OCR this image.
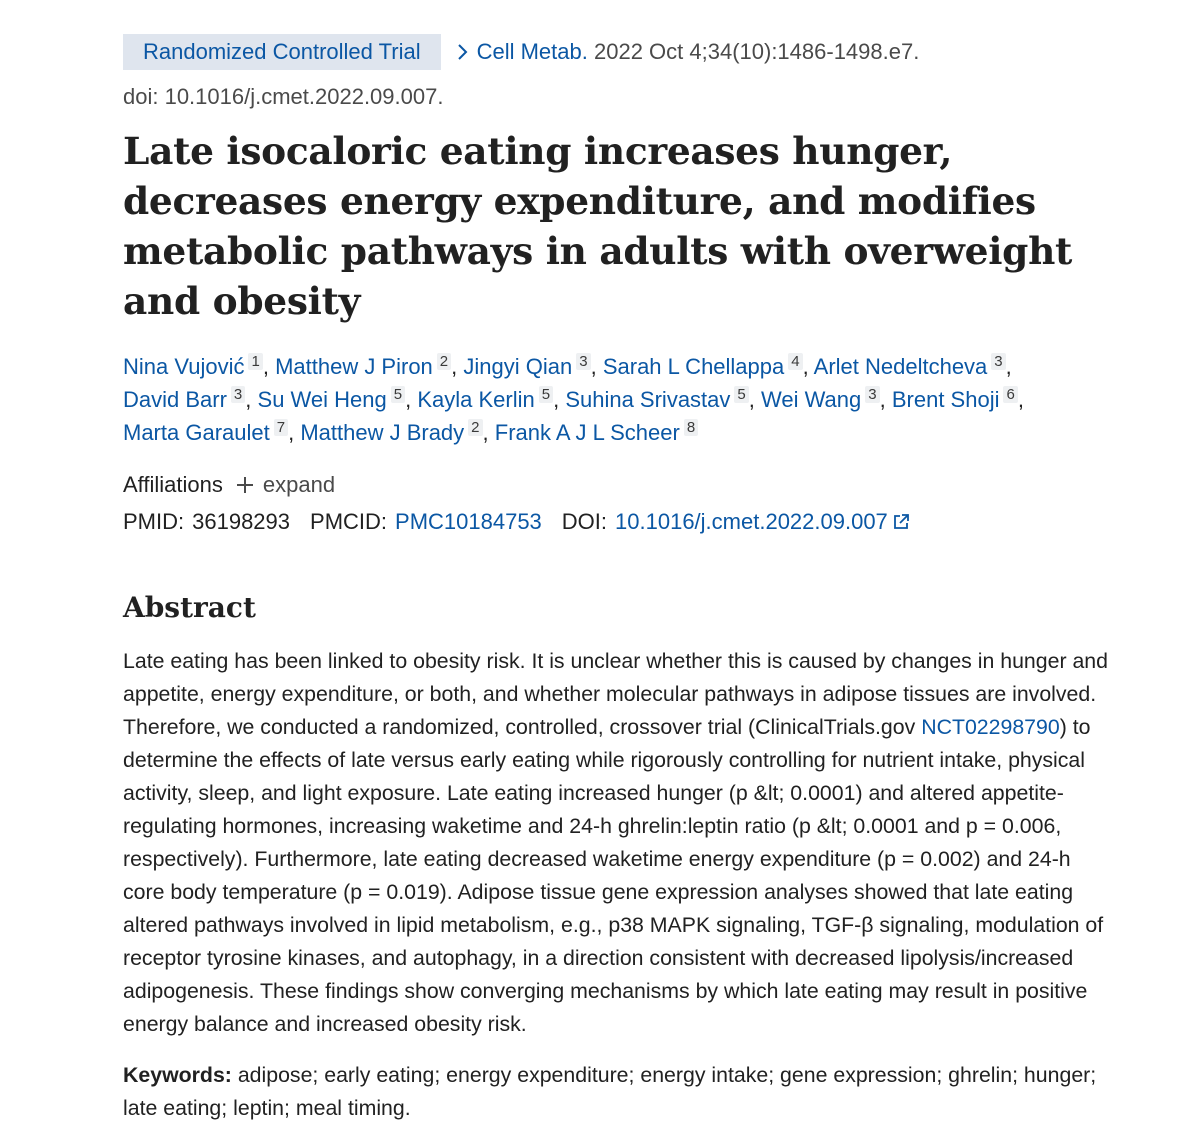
Randomized Controlled Trial	Cell Metab. 2022 Oct 4;34(10):1486-1498.e7.
doi: 10.1016/j.cmet.2022.09.007.
Late isocaloric eating increases hunger, decreases energy expenditure, and modifies metabolic pathways in adults with overweight and obesity
Nina Vujović $^1$ , Matthew J Piron $^2$ , Jingyi Qian $^3$ , Sarah L Chellappa $^4$ , Arlet Nedeltcheva $^3$ , David Barr $^3$ , Su Wei Heng $^5$ , Kayla Kerlin $^5$ , Suhina Srivastav $^5$ , Wei Wang $^3$ , Brent Shoji $^6$ , Marta Garaulet $^7$ , Matthew J Brady $^2$ , Frank A J L Scheer $^8$
Affiliations expand
PMID: 36198293 PMCID: PMC10184753 DOI: 10.1016/j.cmet.2022.09.007
Abstract

Late eating has been linked to obesity risk. It is unclear whether this is caused by changes in hunger and appetite, energy expenditure, or both, and whether molecular pathways in adipose tissues are involved. Therefore, we conducted a randomized, controlled, crossover trial (ClinicalTrials.gov NCT02298790) to determine the effects of late versus early eating while rigorously controlling for nutrient intake, physical activity, sleep, and light exposure. Late eating increased hunger (p &lt; 0.0001) and altered appetite-regulating hormones, increasing waketime and 24-h ghrelin:leptin ratio (p &lt; 0.0001 and p = 0.006, respectively). Furthermore, late eating decreased waketime energy expenditure (p = 0.002) and 24-h core body temperature (p = 0.019). Adipose tissue gene expression analyses showed that late eating altered pathways involved in lipid metabolism, e.g., p38 MAPK signaling, TGF-β signaling, modulation of receptor tyrosine kinases, and autophagy, in a direction consistent with decreased lipolysis/increased adipogenesis. These findings show converging mechanisms by which late eating may result in positive energy balance and increased obesity risk.

Keywords: adipose; early eating; energy expenditure; energy intake; gene expression; ghrelin; hunger; late eating; leptin; meal timing.
